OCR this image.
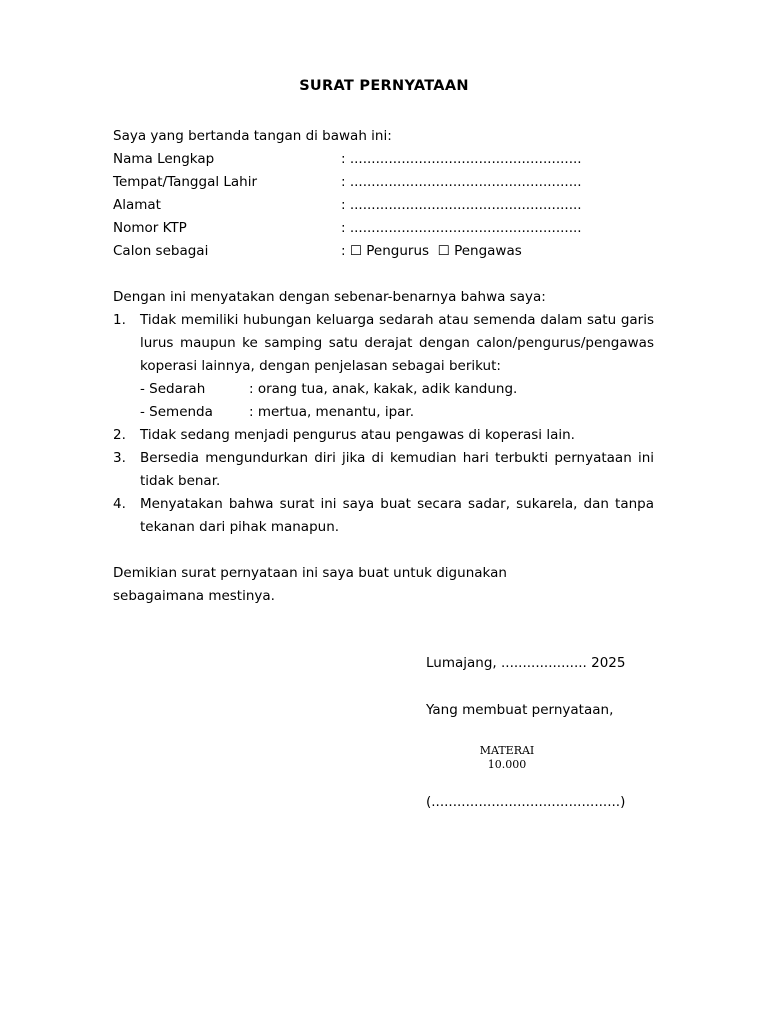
SURAT PERNYATAAN
Saya yang bertanda tangan di bawah ini:
Nama Lengkap	: ......................................................
Tempat/Tanggal Lahir	: ......................................................
Alamat	: ......................................................
Nomor KTP	: ......................................................
Calon sebagai	: ☐ Pengurus ☐ Pengawas
Dengan ini menyatakan dengan sebenar-benarnya bahwa saya:
1.	Tidak memiliki hubungan keluarga sedarah atau semenda dalam satu garis lurus maupun ke samping satu derajat dengan calon/pengurus/pengawas koperasi lainnya, dengan penjelasan sebagai berikut:
- Sedarah	: orang tua, anak, kakak, adik kandung.
- Semenda	: mertua, menantu, ipar.
2.	Tidak sedang menjadi pengurus atau pengawas di koperasi lain.
3.	Bersedia mengundurkan diri jika di kemudian hari terbukti pernyataan ini tidak benar.
4.	Menyatakan bahwa surat ini saya buat secara sadar, sukarela, dan tanpa tekanan dari pihak manapun.
Demikian surat pernyataan ini saya buat untuk digunakan sebagaimana mestinya.
Lumajang, .................... 2025
Yang membuat pernyataan,
MATERAI
10.000
(............................................)
